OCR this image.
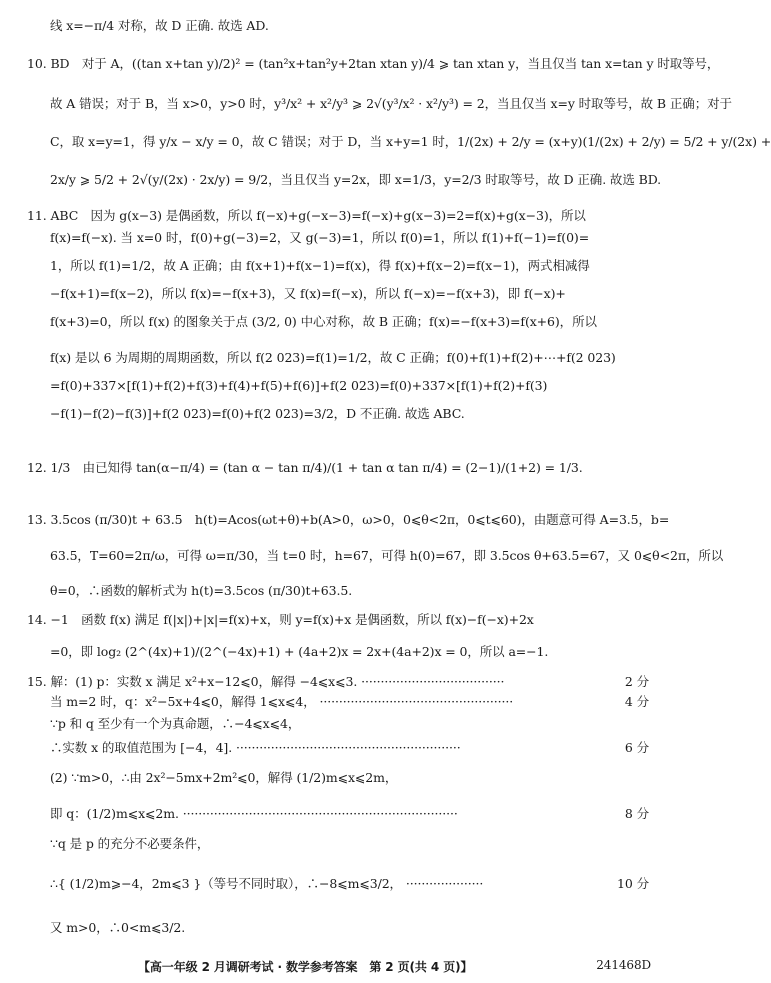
线 x=−π/4 对称，故 D 正确. 故选 AD.
10. BD　对于 A，((tan x+tan y)/2)² = (tan²x+tan²y+2tan xtan y)/4 ⩾ tan xtan y，当且仅当 tan x=tan y 时取等号，
故 A 错误；对于 B，当 x>0，y>0 时，y³/x² + x²/y³ ⩾ 2√(y³/x² · x²/y³) = 2，当且仅当 x=y 时取等号，故 B 正确；对于
C，取 x=y=1，得 y/x − x/y = 0，故 C 错误；对于 D，当 x+y=1 时，1/(2x) + 2/y = (x+y)(1/(2x) + 2/y) = 5/2 + y/(2x) +
2x/y ⩾ 5/2 + 2√(y/(2x) · 2x/y) = 9/2，当且仅当 y=2x，即 x=1/3，y=2/3 时取等号，故 D 正确. 故选 BD.
11. ABC　因为 g(x−3) 是偶函数，所以 f(−x)+g(−x−3)=f(−x)+g(x−3)=2=f(x)+g(x−3)，所以
f(x)=f(−x). 当 x=0 时，f(0)+g(−3)=2，又 g(−3)=1，所以 f(0)=1，所以 f(1)+f(−1)=f(0)=
1，所以 f(1)=1/2，故 A 正确；由 f(x+1)+f(x−1)=f(x)，得 f(x)+f(x−2)=f(x−1)，两式相减得
−f(x+1)=f(x−2)，所以 f(x)=−f(x+3)，又 f(x)=f(−x)，所以 f(−x)=−f(x+3)，即 f(−x)+
f(x+3)=0，所以 f(x) 的图象关于点 (3/2, 0) 中心对称，故 B 正确；f(x)=−f(x+3)=f(x+6)，所以
f(x) 是以 6 为周期的周期函数，所以 f(2 023)=f(1)=1/2，故 C 正确；f(0)+f(1)+f(2)+⋯+f(2 023)
=f(0)+337×[f(1)+f(2)+f(3)+f(4)+f(5)+f(6)]+f(2 023)=f(0)+337×[f(1)+f(2)+f(3)
−f(1)−f(2)−f(3)]+f(2 023)=f(0)+f(2 023)=3/2，D 不正确. 故选 ABC.
12. 1/3　由已知得 tan(α−π/4) = (tan α − tan π/4)/(1 + tan α tan π/4) = (2−1)/(1+2) = 1/3.
13. 3.5cos (π/30)t + 63.5　h(t)=Acos(ωt+θ)+b(A>0，ω>0，0⩽θ<2π，0⩽t⩽60)，由题意可得 A=3.5，b=
63.5，T=60=2π/ω，可得 ω=π/30，当 t=0 时，h=67，可得 h(0)=67，即 3.5cos θ+63.5=67，又 0⩽θ<2π，所以
θ=0，∴函数的解析式为 h(t)=3.5cos (π/30)t+63.5.
14. −1　函数 f(x) 满足 f(|x|)+|x|=f(x)+x，则 y=f(x)+x 是偶函数，所以 f(x)−f(−x)+2x
=0，即 log₂ (2^(4x)+1)/(2^(−4x)+1) + (4a+2)x = 2x+(4a+2)x = 0，所以 a=−1.
15. 解：(1) p：实数 x 满足 x²+x−12⩽0，解得 −4⩽x⩽3. ·····································	2 分
当 m=2 时，q：x²−5x+4⩽0，解得 1⩽x⩽4， ··················································	4 分
∵p 和 q 至少有一个为真命题，∴−4⩽x⩽4，
∴实数 x 的取值范围为 [−4，4]. ··························································	6 分
(2) ∵m>0，∴由 2x²−5mx+2m²⩽0，解得 (1/2)m⩽x⩽2m，
即 q：(1/2)m⩽x⩽2m. ·······································································	8 分
∵q 是 p 的充分不必要条件，
∴{ (1/2)m⩾−4，2m⩽3 }（等号不同时取），∴−8⩽m⩽3/2， ····················	10 分
又 m>0，∴0<m⩽3/2.
【高一年级 2 月调研考试 · 数学参考答案　第 2 页(共 4 页)】	241468D
